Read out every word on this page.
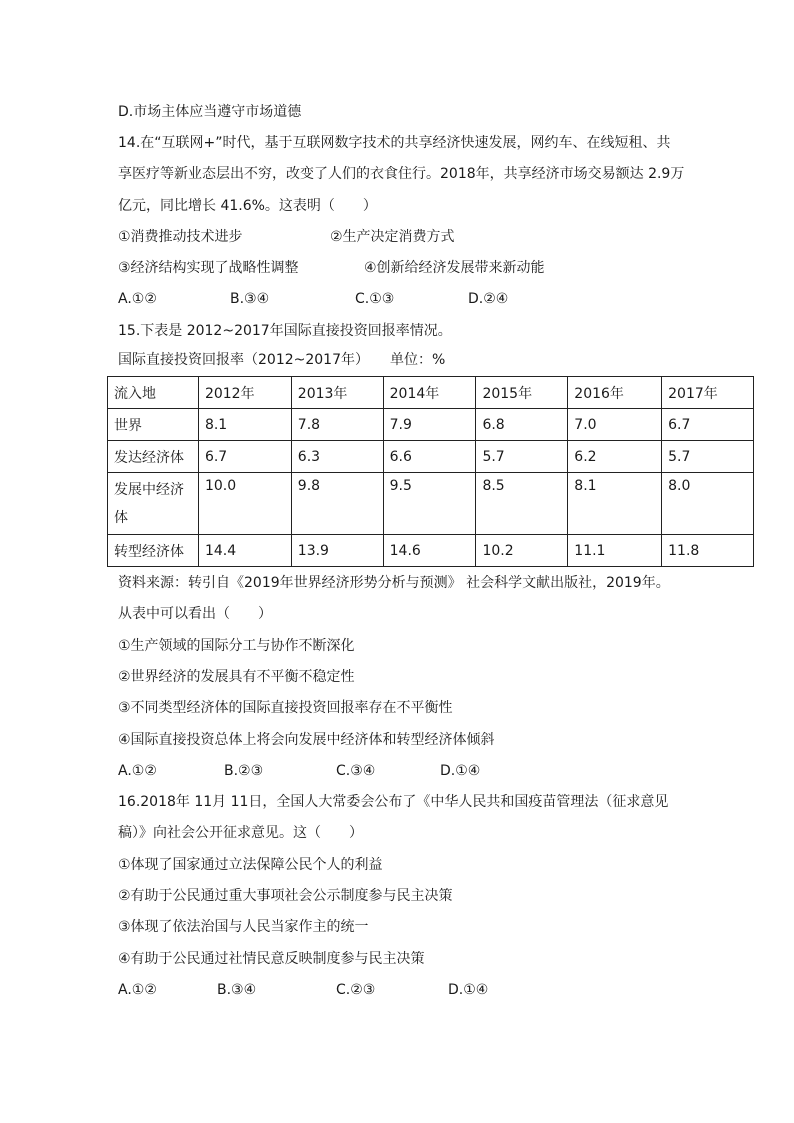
D.市场主体应当遵守市场道德
14.在“互联网+”时代，基于互联网数字技术的共享经济快速发展，网约车、在线短租、共
享医疗等新业态层出不穷，改变了人们的衣食住行。2018年，共享经济市场交易额达 2.9万
亿元，同比增长 41.6%。这表明（　　）
①消费推动技术进步	②生产决定消费方式
③经济结构实现了战略性调整	④创新给经济发展带来新动能
A.①②	B.③④	C.①③	D.②④
15.下表是 2012~2017年国际直接投资回报率情况。
国际直接投资回报率（2012~2017年）　　单位：%
流入地	2012年	2013年	2014年	2015年	2016年	2017年
世界	8.1	7.8	7.9	6.8	7.0	6.7
发达经济体	6.7	6.3	6.6	5.7	6.2	5.7
发展中经济体	10.0	9.8	9.5	8.5	8.1	8.0
转型经济体	14.4	13.9	14.6	10.2	11.1	11.8
资料来源：转引自《2019年世界经济形势分析与预测》 社会科学文献出版社，2019年。
从表中可以看出（　　）
①生产领域的国际分工与协作不断深化
②世界经济的发展具有不平衡不稳定性
③不同类型经济体的国际直接投资回报率存在不平衡性
④国际直接投资总体上将会向发展中经济体和转型经济体倾斜
A.①②	B.②③	C.③④	D.①④
16.2018年 11月 11日，全国人大常委会公布了《中华人民共和国疫苗管理法（征求意见
稿）》向社会公开征求意见。这（　　）
①体现了国家通过立法保障公民个人的利益
②有助于公民通过重大事项社会公示制度参与民主决策
③体现了依法治国与人民当家作主的统一
④有助于公民通过社情民意反映制度参与民主决策
A.①②	B.③④	C.②③	D.①④
